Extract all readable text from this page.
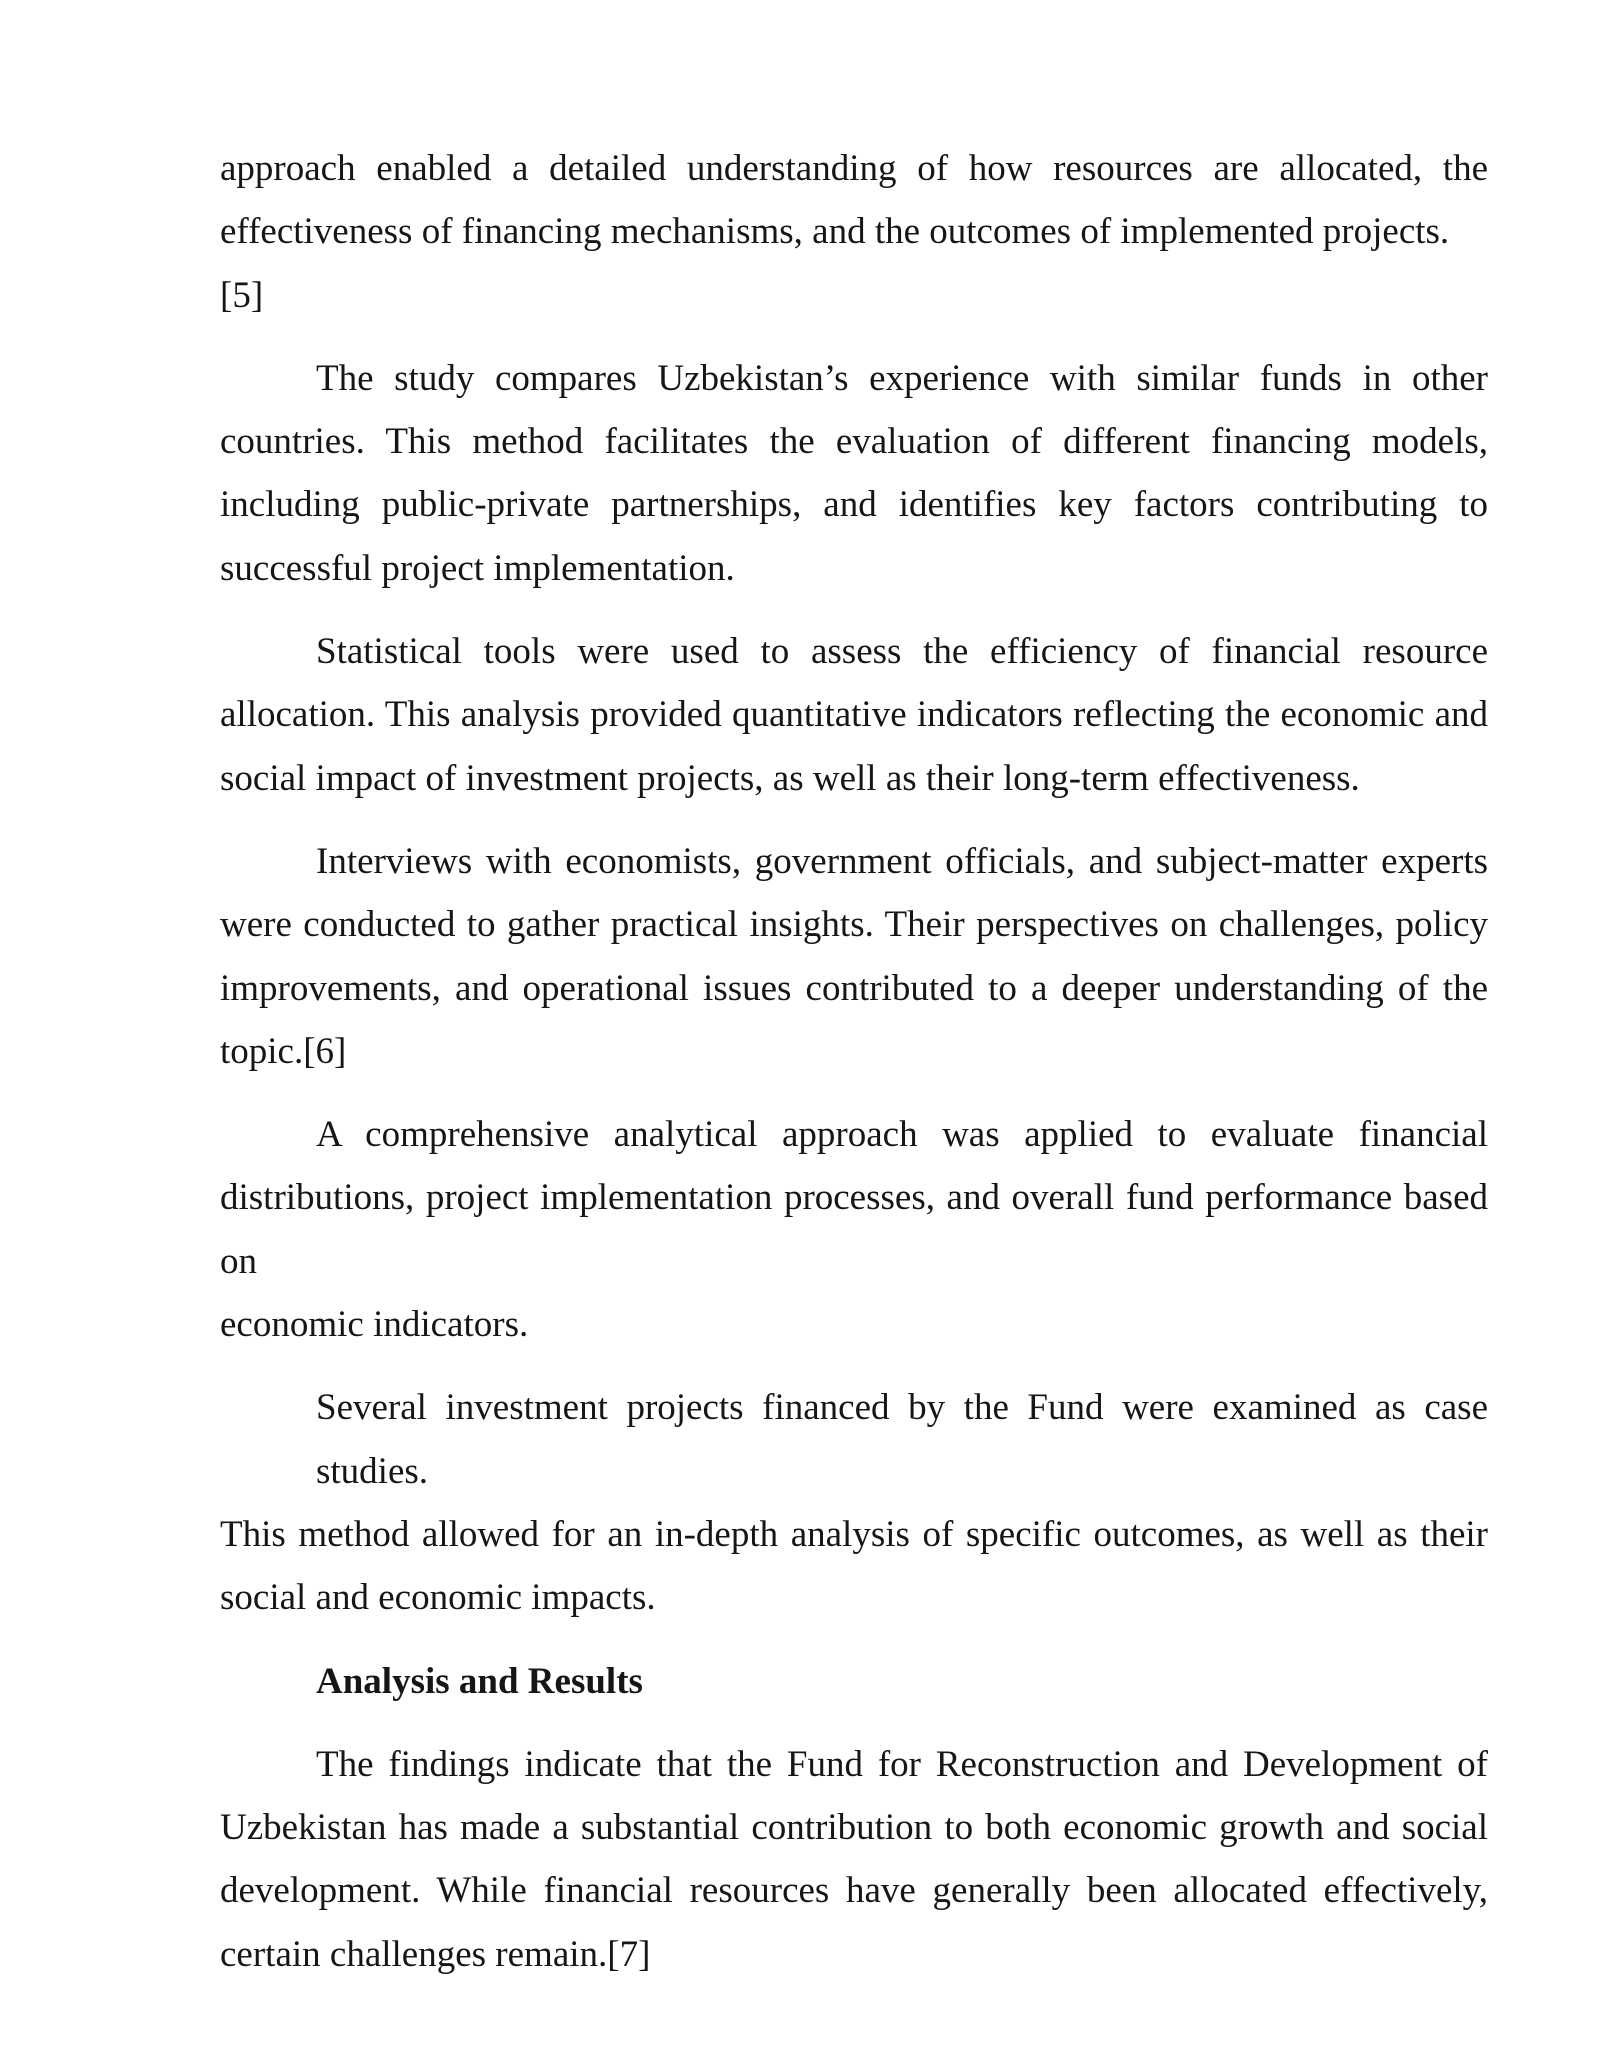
approach enabled a detailed understanding of how resources are allocated, the
effectiveness of financing mechanisms, and the outcomes of implemented projects.[5]
The study compares Uzbekistan’s experience with similar funds in other
countries. This method facilitates the evaluation of different financing models,
including public-private partnerships, and identifies key factors contributing to
successful project implementation.
Statistical tools were used to assess the efficiency of financial resource
allocation. This analysis provided quantitative indicators reflecting the economic and
social impact of investment projects, as well as their long-term effectiveness.
Interviews with economists, government officials, and subject-matter experts
were conducted to gather practical insights. Their perspectives on challenges, policy
improvements, and operational issues contributed to a deeper understanding of the
topic.[6]
A comprehensive analytical approach was applied to evaluate financial
distributions, project implementation processes, and overall fund performance based on
economic indicators.
Several investment projects financed by the Fund were examined as case studies.
This method allowed for an in-depth analysis of specific outcomes, as well as their
social and economic impacts.
Analysis and Results
The findings indicate that the Fund for Reconstruction and Development of
Uzbekistan has made a substantial contribution to both economic growth and social
development. While financial resources have generally been allocated effectively,
certain challenges remain.[7]
